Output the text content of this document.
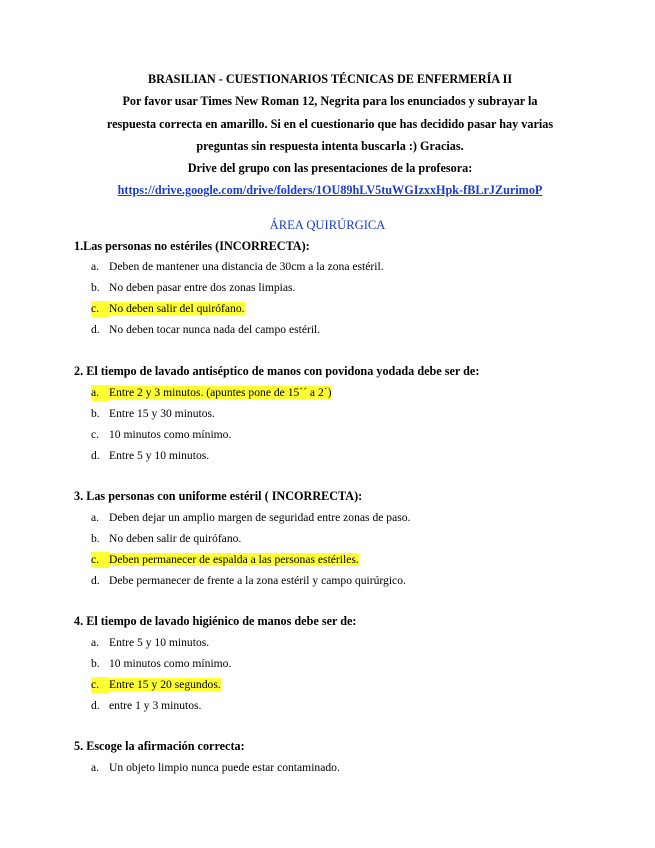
BRASILIAN - CUESTIONARIOS TÉCNICAS DE ENFERMERÍA II
Por favor usar Times New Roman 12, Negrita para los enunciados y subrayar la
respuesta correcta en amarillo. Si en el cuestionario que has decidido pasar hay varias
preguntas sin respuesta intenta buscarla :) Gracias.
Drive del grupo con las presentaciones de la profesora:
https://drive.google.com/drive/folders/1OU89hLV5tuWGIzxxHpk-fBLrJZurimoP
ÁREA QUIRÚRGICA
1.Las personas no estériles (INCORRECTA):
a. Deben de mantener una distancia de 30cm a la zona estéril.
b. No deben pasar entre dos zonas limpias.
c. No deben salir del quirófano.
d. No deben tocar nunca nada del campo estéril.
2. El tiempo de lavado antiséptico de manos con povidona yodada debe ser de:
a. Entre 2 y 3 minutos. (apuntes pone de 15´´ a 2´)
b. Entre 15 y 30 minutos.
c. 10 minutos como mínimo.
d. Entre 5 y 10 minutos.
3. Las personas con uniforme estéril ( INCORRECTA):
a. Deben dejar un amplio margen de seguridad entre zonas de paso.
b. No deben salir de quirófano.
c. Deben permanecer de espalda a las personas estériles.
d. Debe permanecer de frente a la zona estéril y campo quirúrgico.
4. El tiempo de lavado higiénico de manos debe ser de:
a. Entre 5 y 10 minutos.
b. 10 minutos como mínimo.
c. Entre 15 y 20 segundos.
d. entre 1 y 3 minutos.
5. Escoge la afirmación correcta:
a. Un objeto limpio nunca puede estar contaminado.
